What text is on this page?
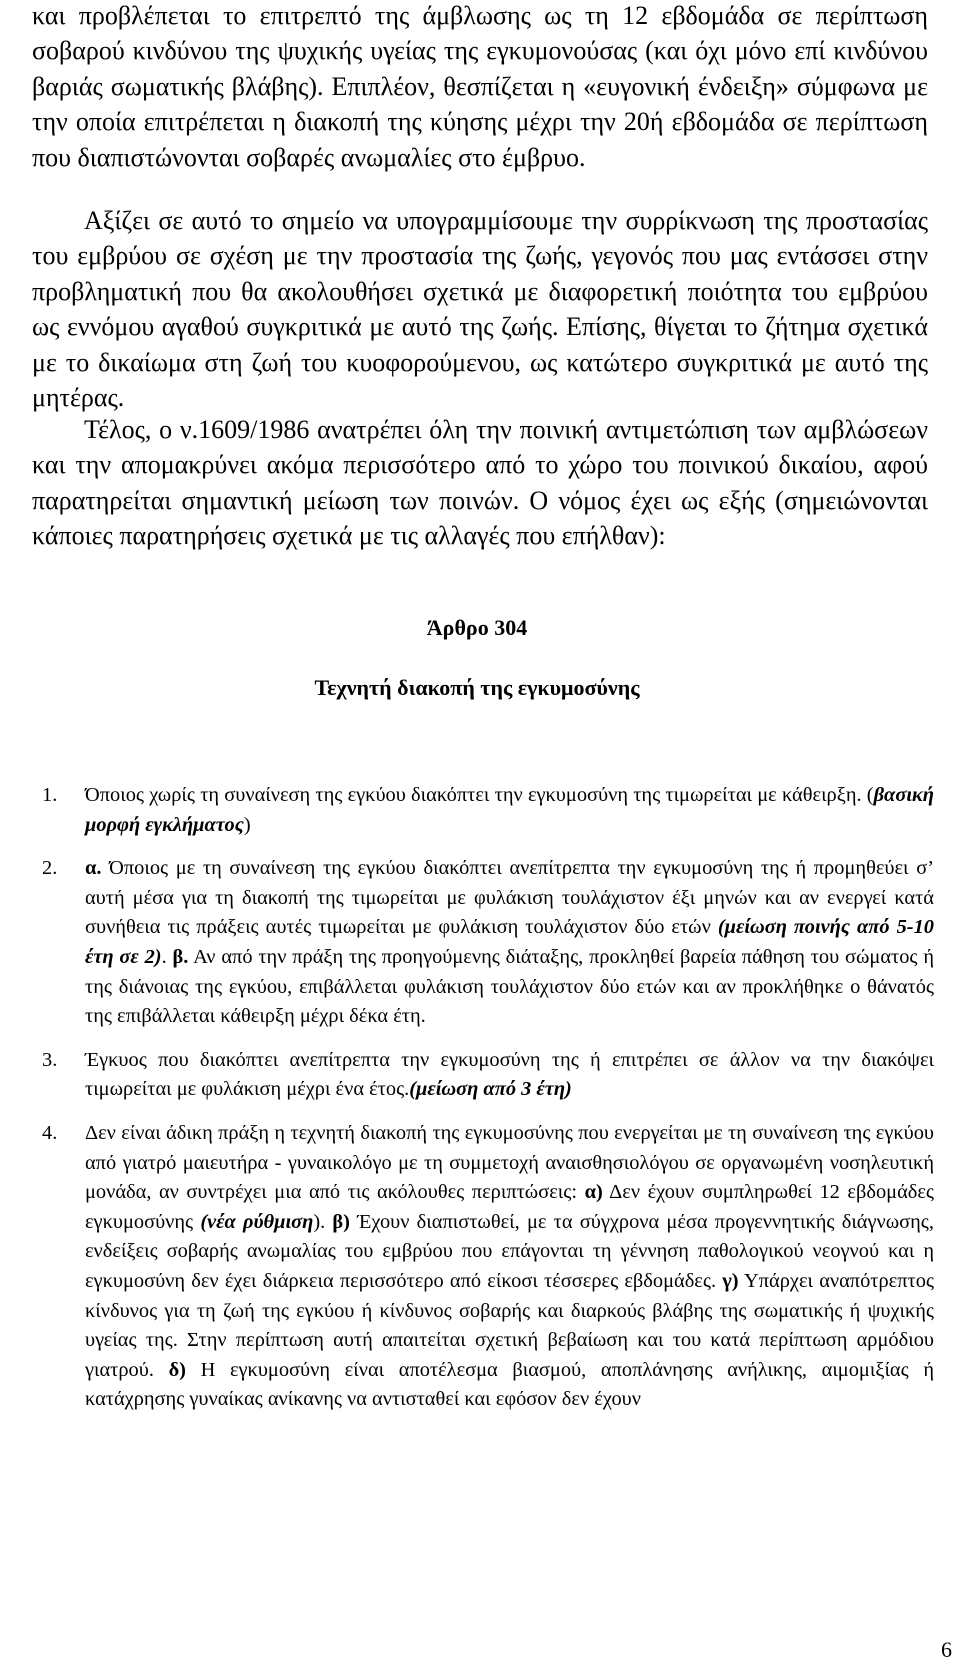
και προβλέπεται το επιτρεπτό της άμβλωσης ως τη 12 εβδομάδα σε περίπτωση σοβαρού κινδύνου της ψυχικής υγείας της εγκυμονούσας (και όχι μόνο επί κινδύνου βαριάς σωματικής βλάβης). Επιπλέον, θεσπίζεται η «ευγονική ένδειξη» σύμφωνα με την οποία επιτρέπεται η διακοπή της κύησης μέχρι την 20ή εβδομάδα σε περίπτωση που διαπιστώνονται σοβαρές ανωμαλίες στο έμβρυο.

Αξίζει σε αυτό το σημείο να υπογραμμίσουμε την συρρίκνωση της προστασίας του εμβρύου σε σχέση με την προστασία της ζωής, γεγονός που μας εντάσσει στην προβληματική που θα ακολουθήσει σχετικά με διαφορετική ποιότητα του εμβρύου ως εννόμου αγαθού συγκριτικά με αυτό της ζωής. Επίσης, θίγεται το ζήτημα σχετικά με το δικαίωμα στη ζωή του κυοφορούμενου, ως κατώτερο συγκριτικά με αυτό της μητέρας.

Τέλος, ο ν.1609/1986 ανατρέπει όλη την ποινική αντιμετώπιση των αμβλώσεων και την απομακρύνει ακόμα περισσότερο από το χώρο του ποινικού δικαίου, αφού παρατηρείται σημαντική μείωση των ποινών. Ο νόμος έχει ως εξής (σημειώνονται κάποιες παρατηρήσεις σχετικά με τις αλλαγές που επήλθαν):

Άρθρο 304
Τεχνητή διακοπή της εγκυμοσύνης
1. Όποιος χωρίς τη συναίνεση της εγκύου διακόπτει την εγκυμοσύνη της τιμωρείται με κάθειρξη. (βασική μορφή εγκλήματος)
2. α. Όποιος με τη συναίνεση της εγκύου διακόπτει ανεπίτρεπτα την εγκυμοσύνη της ή προμηθεύει σ’ αυτή μέσα για τη διακοπή της τιμωρείται με φυλάκιση τουλάχιστον έξι μηνών και αν ενεργεί κατά συνήθεια τις πράξεις αυτές τιμωρείται με φυλάκιση τουλάχιστον δύο ετών (μείωση ποινής από 5-10 έτη σε 2). β. Αν από την πράξη της προηγούμενης διάταξης, προκληθεί βαρεία πάθηση του σώματος ή της διάνοιας της εγκύου, επιβάλλεται φυλάκιση τουλάχιστον δύο ετών και αν προκλήθηκε ο θάνατός της επιβάλλεται κάθειρξη μέχρι δέκα έτη.
3. Έγκυος που διακόπτει ανεπίτρεπτα την εγκυμοσύνη της ή επιτρέπει σε άλλον να την διακόψει τιμωρείται με φυλάκιση μέχρι ένα έτος.(μείωση από 3 έτη)
4. Δεν είναι άδικη πράξη η τεχνητή διακοπή της εγκυμοσύνης που ενεργείται με τη συναίνεση της εγκύου από γιατρό μαιευτήρα - γυναικολόγο με τη συμμετοχή αναισθησιολόγου σε οργανωμένη νοσηλευτική μονάδα, αν συντρέχει μια από τις ακόλουθες περιπτώσεις: α) Δεν έχουν συμπληρωθεί 12 εβδομάδες εγκυμοσύνης (νέα ρύθμιση). β) Έχουν διαπιστωθεί, με τα σύγχρονα μέσα προγεννητικής διάγνωσης, ενδείξεις σοβαρής ανωμαλίας του εμβρύου που επάγονται τη γέννηση παθολογικού νεογνού και η εγκυμοσύνη δεν έχει διάρκεια περισσότερο από είκοσι τέσσερες εβδομάδες. γ) Υπάρχει αναπότρεπτος κίνδυνος για τη ζωή της εγκύου ή κίνδυνος σοβαρής και διαρκούς βλάβης της σωματικής ή ψυχικής υγείας της. Στην περίπτωση αυτή απαιτείται σχετική βεβαίωση και του κατά περίπτωση αρμόδιου γιατρού. δ) Η εγκυμοσύνη είναι αποτέλεσμα βιασμού, αποπλάνησης ανήλικης, αιμομιξίας ή κατάχρησης γυναίκας ανίκανης να αντισταθεί και εφόσον δεν έχουν
6
